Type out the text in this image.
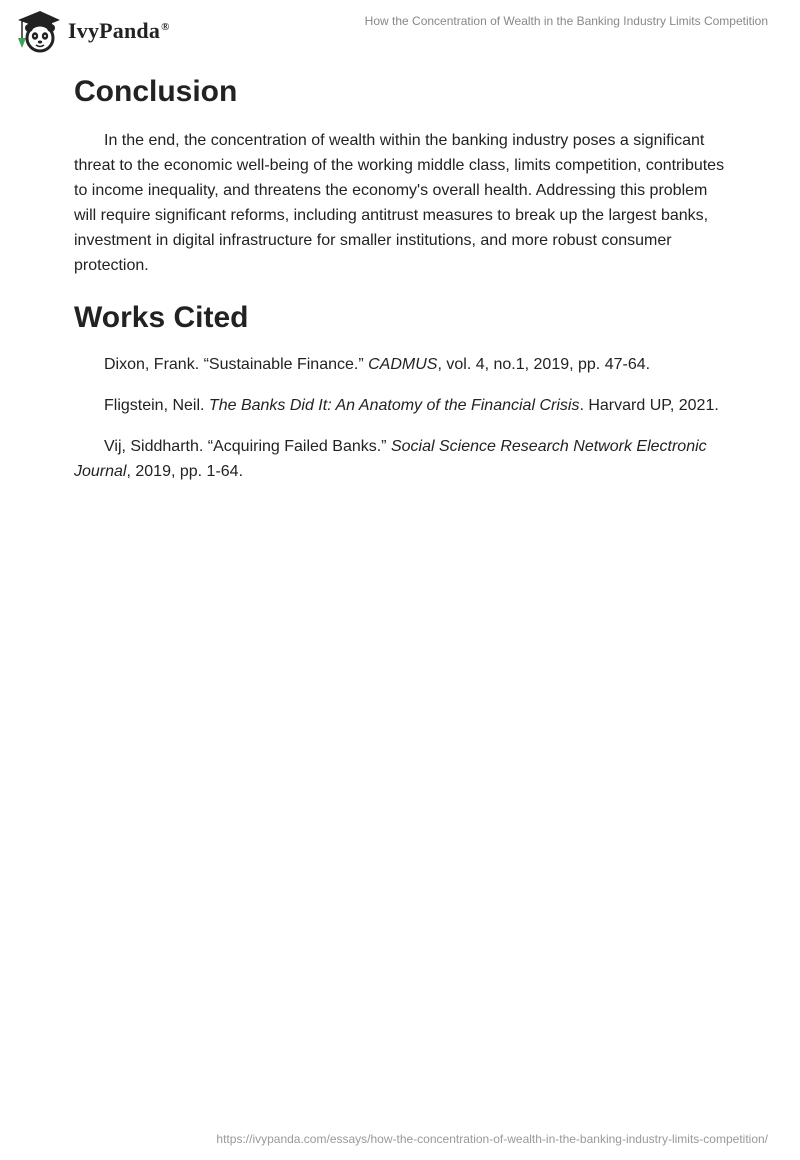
IvyPanda®	How the Concentration of Wealth in the Banking Industry Limits Competition
Conclusion

In the end, the concentration of wealth within the banking industry poses a significant threat to the economic well-being of the working middle class, limits competition, contributes to income inequality, and threatens the economy's overall health. Addressing this problem will require significant reforms, including antitrust measures to break up the largest banks, investment in digital infrastructure for smaller institutions, and more robust consumer protection.

Works Cited

Dixon, Frank. “Sustainable Finance.” CADMUS, vol. 4, no.1, 2019, pp. 47-64.

Fligstein, Neil. The Banks Did It: An Anatomy of the Financial Crisis. Harvard UP, 2021.

Vij, Siddharth. “Acquiring Failed Banks.” Social Science Research Network Electronic Journal, 2019, pp. 1-64.

https://ivypanda.com/essays/how-the-concentration-of-wealth-in-the-banking-industry-limits-competition/
